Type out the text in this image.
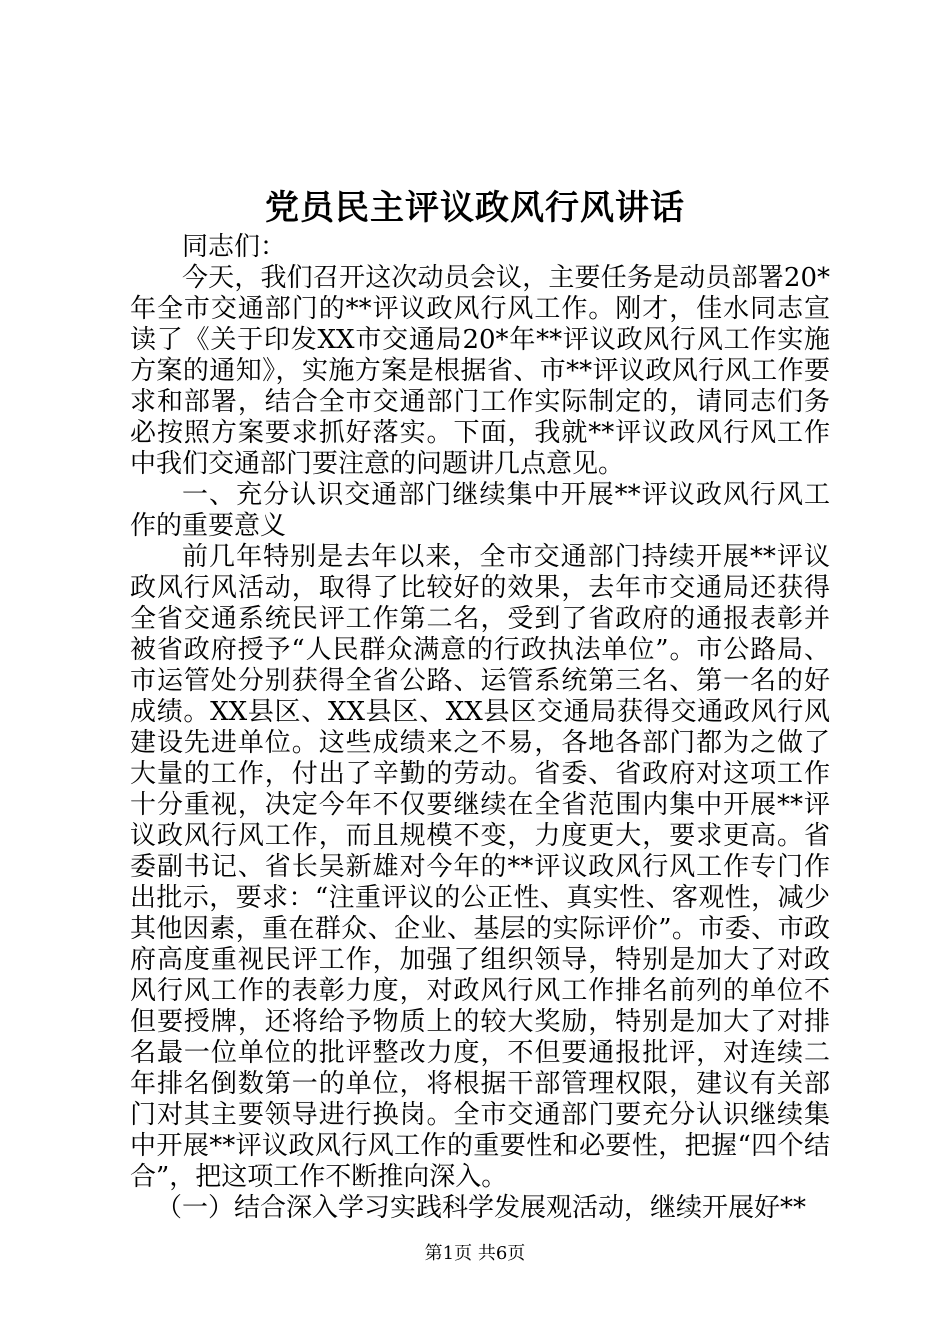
党员民主评议政风行风讲话

同志们：

今天，我们召开这次动员会议，主要任务是动员部署20*年全市交通部门的**评议政风行风工作。刚才，佳水同志宣读了《关于印发XX市交通局20*年**评议政风行风工作实施方案的通知》，实施方案是根据省、市**评议政风行风工作要求和部署，结合全市交通部门工作实际制定的，请同志们务必按照方案要求抓好落实。下面，我就**评议政风行风工作中我们交通部门要注意的问题讲几点意见。

一、充分认识交通部门继续集中开展**评议政风行风工作的重要意义

前几年特别是去年以来，全市交通部门持续开展**评议政风行风活动，取得了比较好的效果，去年市交通局还获得全省交通系统民评工作第二名，受到了省政府的通报表彰并被省政府授予“人民群众满意的行政执法单位”。市公路局、市运管处分别获得全省公路、运管系统第三名、第一名的好成绩。XX县区、XX县区、XX县区交通局获得交通政风行风建设先进单位。这些成绩来之不易，各地各部门都为之做了大量的工作，付出了辛勤的劳动。省委、省政府对这项工作十分重视，决定今年不仅要继续在全省范围内集中开展**评议政风行风工作，而且规模不变，力度更大，要求更高。省委副书记、省长吴新雄对今年的**评议政风行风工作专门作出批示，要求：“注重评议的公正性、真实性、客观性，减少其他因素，重在群众、企业、基层的实际评价”。市委、市政府高度重视民评工作，加强了组织领导，特别是加大了对政风行风工作的表彰力度，对政风行风工作排名前列的单位不但要授牌，还将给予物质上的较大奖励，特别是加大了对排名最一位单位的批评整改力度，不但要通报批评，对连续二年排名倒数第一的单位，将根据干部管理权限，建议有关部门对其主要领导进行换岗。全市交通部门要充分认识继续集中开展**评议政风行风工作的重要性和必要性，把握“四个结合”，把这项工作不断推向深入。

（一）结合深入学习实践科学发展观活动，继续开展好**

第1页 共6页
